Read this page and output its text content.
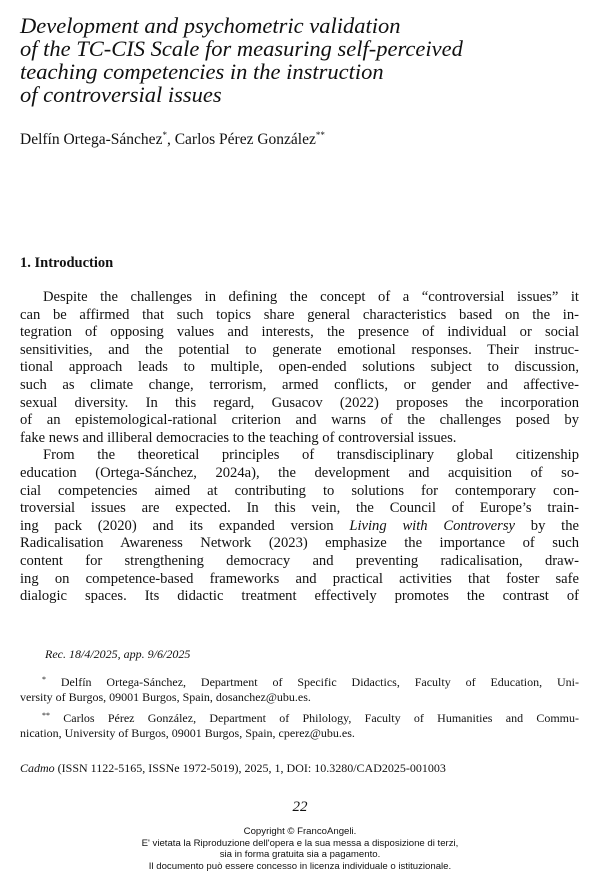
Development and psychometric validation
of the TC-CIS Scale for measuring self-perceived
teaching competencies in the instruction
of controversial issues
Delfín Ortega-Sánchez*, Carlos Pérez González**
1. Introduction
Despite the challenges in defining the concept of a “controversial issues” it
can be affirmed that such topics share general characteristics based on the in-
tegration of opposing values and interests, the presence of individual or social
sensitivities, and the potential to generate emotional responses. Their instruc-
tional approach leads to multiple, open-ended solutions subject to discussion,
such as climate change, terrorism, armed conflicts, or gender and affective-
sexual diversity. In this regard, Gusacov (2022) proposes the incorporation
of an epistemological-rational criterion and warns of the challenges posed by
fake news and illiberal democracies to the teaching of controversial issues.
From the theoretical principles of transdisciplinary global citizenship
education (Ortega-Sánchez, 2024a), the development and acquisition of so-
cial competencies aimed at contributing to solutions for contemporary con-
troversial issues are expected. In this vein, the Council of Europe’s train-
ing pack (2020) and its expanded version Living with Controversy by the
Radicalisation Awareness Network (2023) emphasize the importance of such
content for strengthening democracy and preventing radicalisation, draw-
ing on competence-based frameworks and practical activities that foster safe
dialogic spaces. Its didactic treatment effectively promotes the contrast of
Rec. 18/4/2025, app. 9/6/2025
* Delfín Ortega-Sánchez, Department of Specific Didactics, Faculty of Education, Uni-
versity of Burgos, 09001 Burgos, Spain, dosanchez@ubu.es.
** Carlos Pérez González, Department of Philology, Faculty of Humanities and Commu-
nication, University of Burgos, 09001 Burgos, Spain, cperez@ubu.es.
Cadmo (ISSN 1122-5165, ISSNe 1972-5019), 2025, 1, DOI: 10.3280/CAD2025-001003
22
Copyright © FrancoAngeli.
E' vietata la Riproduzione dell'opera e la sua messa a disposizione di terzi,
sia in forma gratuita sia a pagamento.
Il documento può essere concesso in licenza individuale o istituzionale.
